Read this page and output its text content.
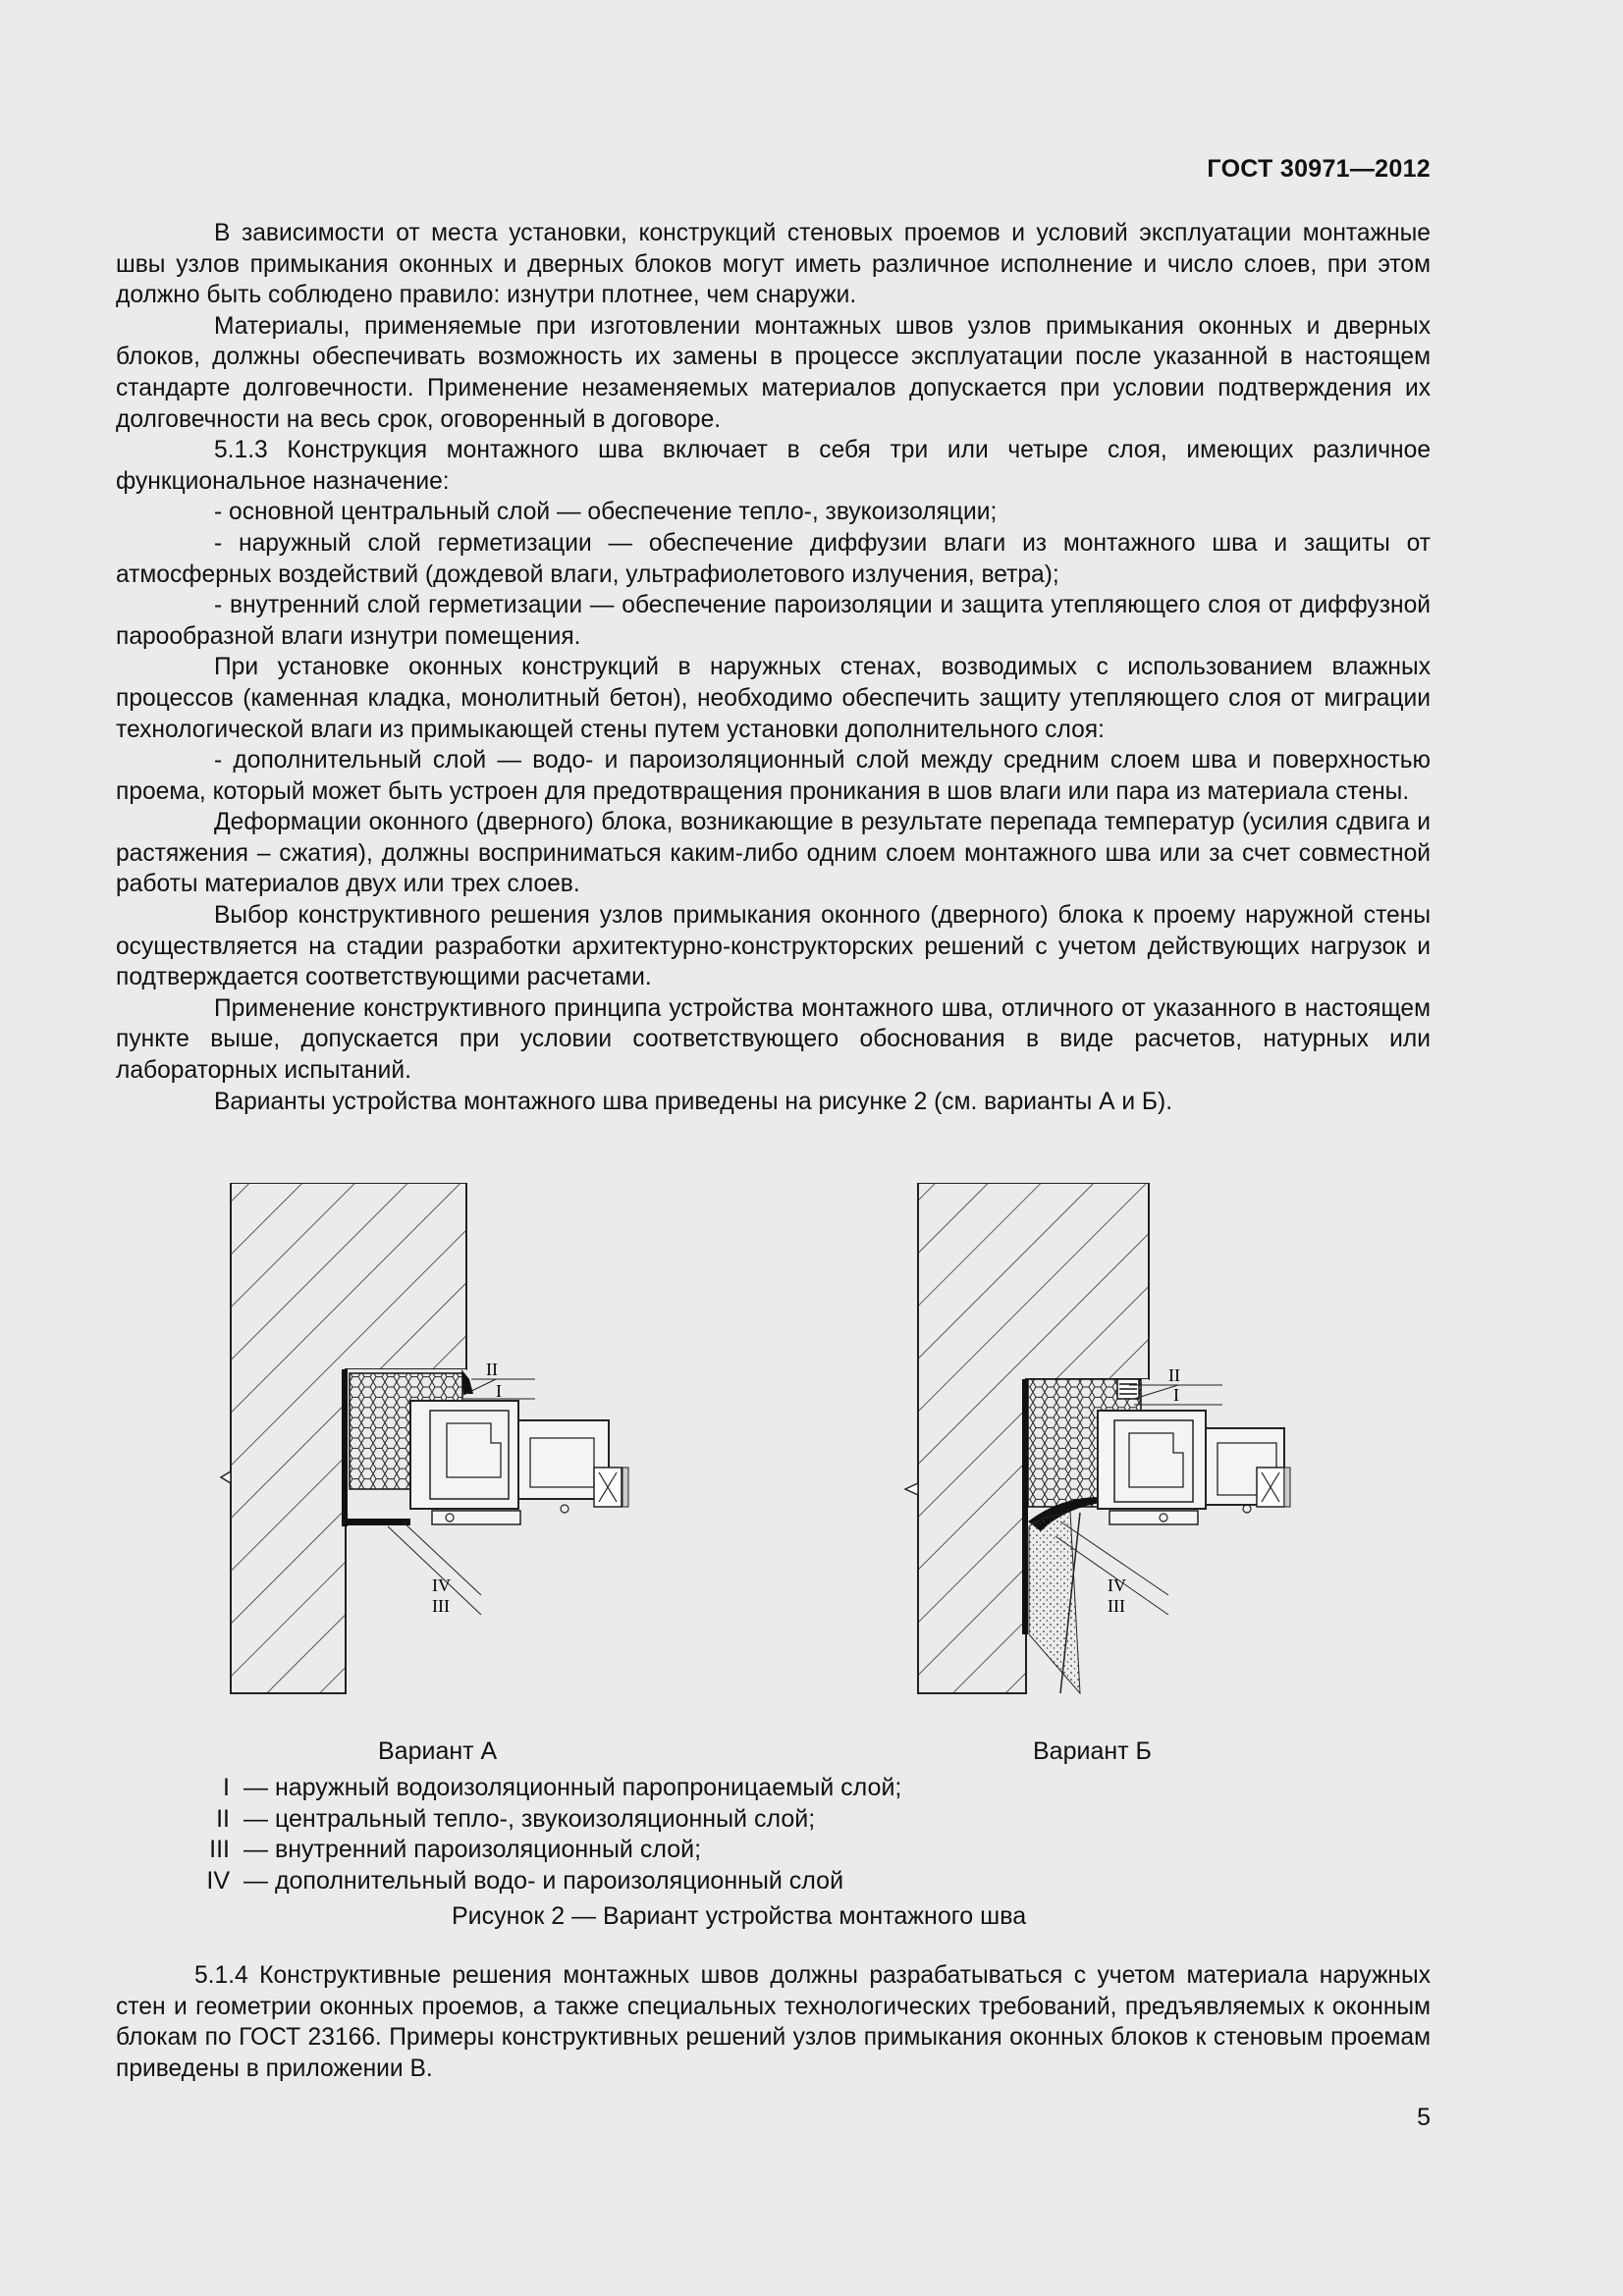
ГОСТ 30971—2012

В зависимости от места установки, конструкций стеновых проемов и условий эксплуатации монтажные швы узлов примыкания оконных и дверных блоков могут иметь различное исполнение и число слоев, при этом должно быть соблюдено правило: изнутри плотнее, чем снаружи.

Материалы, применяемые при изготовлении монтажных швов узлов примыкания оконных и дверных блоков, должны обеспечивать возможность их замены в процессе эксплуатации после указанной в настоящем стандарте долговечности. Применение незаменяемых материалов допускается при условии подтверждения их долговечности на весь срок, оговоренный в договоре.

5.1.3 Конструкция монтажного шва включает в себя три или четыре слоя, имеющих различное функциональное назначение:

- основной центральный слой — обеспечение тепло-, звукоизоляции;

- наружный слой герметизации — обеспечение диффузии влаги из монтажного шва и защиты от атмосферных воздействий (дождевой влаги, ультрафиолетового излучения, ветра);

- внутренний слой герметизации — обеспечение пароизоляции и защита утепляющего слоя от диффузной парообразной влаги изнутри помещения.

При установке оконных конструкций в наружных стенах, возводимых с использованием влажных процессов (каменная кладка, монолитный бетон), необходимо обеспечить защиту утепляющего слоя от миграции технологической влаги из примыкающей стены путем установки дополнительного слоя:

- дополнительный слой — водо- и пароизоляционный слой между средним слоем шва и поверхностью проема, который может быть устроен для предотвращения проникания в шов влаги или пара из материала стены.

Деформации оконного (дверного) блока, возникающие в результате перепада температур (усилия сдвига и растяжения – сжатия), должны восприниматься каким-либо одним слоем монтажного шва или за счет совместной работы материалов двух или трех слоев.

Выбор конструктивного решения узлов примыкания оконного (дверного) блока к проему наружной стены осуществляется на стадии разработки архитектурно-конструкторских решений с учетом действующих нагрузок и подтверждается соответствующими расчетами.

Применение конструктивного принципа устройства монтажного шва, отличного от указанного в настоящем пункте выше, допускается при условии соответствующего обоснования в виде расчетов, натурных или лабораторных испытаний.

Варианты устройства монтажного шва приведены на рисунке 2 (см. варианты А и Б).

II
I
IV
III
II
I
IV
III
Вариант А	Вариант Б
I — наружный водоизоляционный паропроницаемый слой;
II — центральный тепло-, звукоизоляционный слой;
III — внутренний пароизоляционный слой;
IV — дополнительный водо- и пароизоляционный слой
Рисунок 2 — Вариант устройства монтажного шва

5.1.4 Конструктивные решения монтажных швов должны разрабатываться с учетом материала наружных стен и геометрии оконных проемов, а также специальных технологических требований, предъявляемых к оконным блокам по ГОСТ 23166. Примеры конструктивных решений узлов примыкания оконных блоков к стеновым проемам приведены в приложении В.

5
